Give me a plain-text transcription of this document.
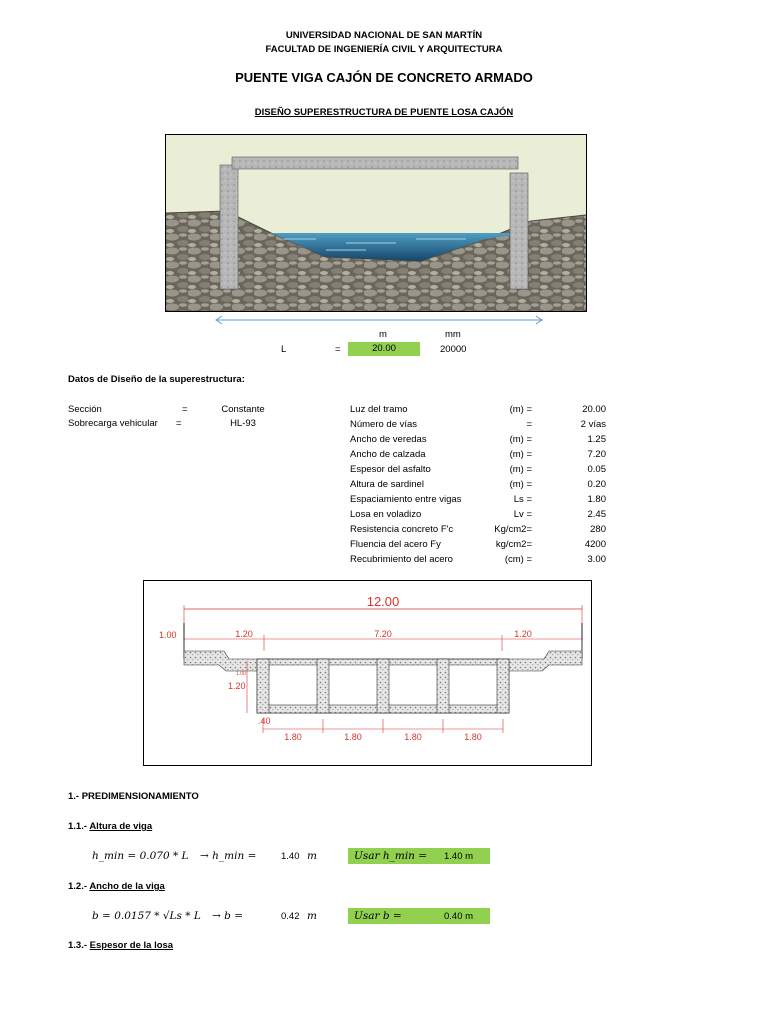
UNIVERSIDAD NACIONAL DE SAN MARTÍN
FACULTAD DE INGENIERÍA CIVIL Y ARQUITECTURA
PUENTE VIGA CAJÓN DE CONCRETO ARMADO
DISEÑO SUPERESTRUCTURA DE PUENTE LOSA CAJÓN
m	mm
L	=	20.00	20000
Datos de Diseño de la superestructura:
Sección	=	Constante
Sobrecarga vehicular =	HL-93
Luz del tramo	(m) =	20.00
Número de vías	=	2 vías
Ancho de veredas	(m) =	1.25
Ancho de calzada	(m) =	7.20
Espesor del asfalto	(m) =	0.05
Altura de sardinel	(m) =	0.20
Espaciamiento entre vigas	Ls =	1.80
Losa en voladizo	Lv =	2.45
Resistencia concreto F'c	Kg/cm2=	280
Fluencia del acero Fy	kg/cm2=	4200
Recubrimiento del acero	(cm) =	3.00
12.00
1.20	7.20	1.20
1.00
1.20
1.00
.40
1.80	1.80	1.80	1.80
1.- PREDIMENSIONAMIENTO
1.1.- Altura de viga
h_min = 0.070 * L → h_min =	1.40 m	Usar h_min = 1.40 m
1.2.- Ancho de la viga
b = 0.0157 * √Ls * L → b =	0.42 m	Usar b =	0.40 m
1.3.- Espesor de la losa
